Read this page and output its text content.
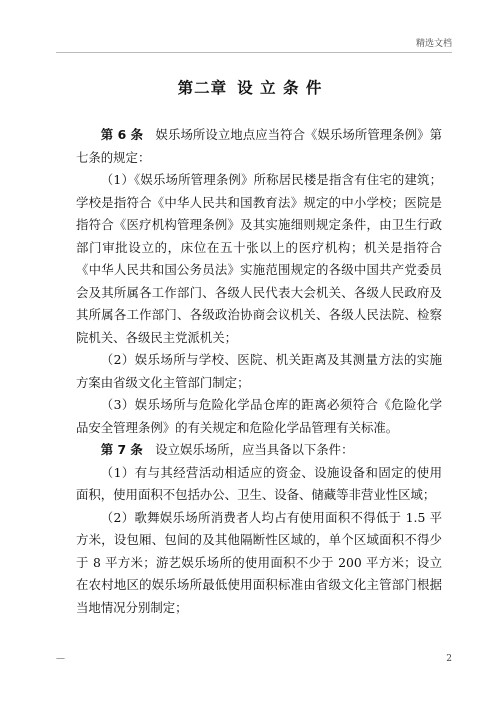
精选文档
第二章 设 立 条 件

第 6 条　娱乐场所设立地点应当符合《娱乐场所管理条例》第七条的规定：

（1）《娱乐场所管理条例》所称居民楼是指含有住宅的建筑；学校是指符合《中华人民共和国教育法》规定的中小学校；医院是指符合《医疗机构管理条例》及其实施细则规定条件，由卫生行政部门审批设立的，床位在五十张以上的医疗机构；机关是指符合《中华人民共和国公务员法》实施范围规定的各级中国共产党委员会及其所属各工作部门、各级人民代表大会机关、各级人民政府及其所属各工作部门、各级政治协商会议机关、各级人民法院、检察院机关、各级民主党派机关；

（2）娱乐场所与学校、医院、机关距离及其测量方法的实施方案由省级文化主管部门制定；

（3）娱乐场所与危险化学品仓库的距离必须符合《危险化学品安全管理条例》的有关规定和危险化学品管理有关标准。

第 7 条　设立娱乐场所，应当具备以下条件：

（1）有与其经营活动相适应的资金、设施设备和固定的使用面积，使用面积不包括办公、卫生、设备、储藏等非营业性区域；

（2）歌舞娱乐场所消费者人均占有使用面积不得低于 1.5 平方米，设包厢、包间的及其他隔断性区域的，单个区域面积不得少于 8 平方米；游艺娱乐场所的使用面积不少于 200 平方米；设立在农村地区的娱乐场所最低使用面积标准由省级文化主管部门根据当地情况分别制定；

—	2
